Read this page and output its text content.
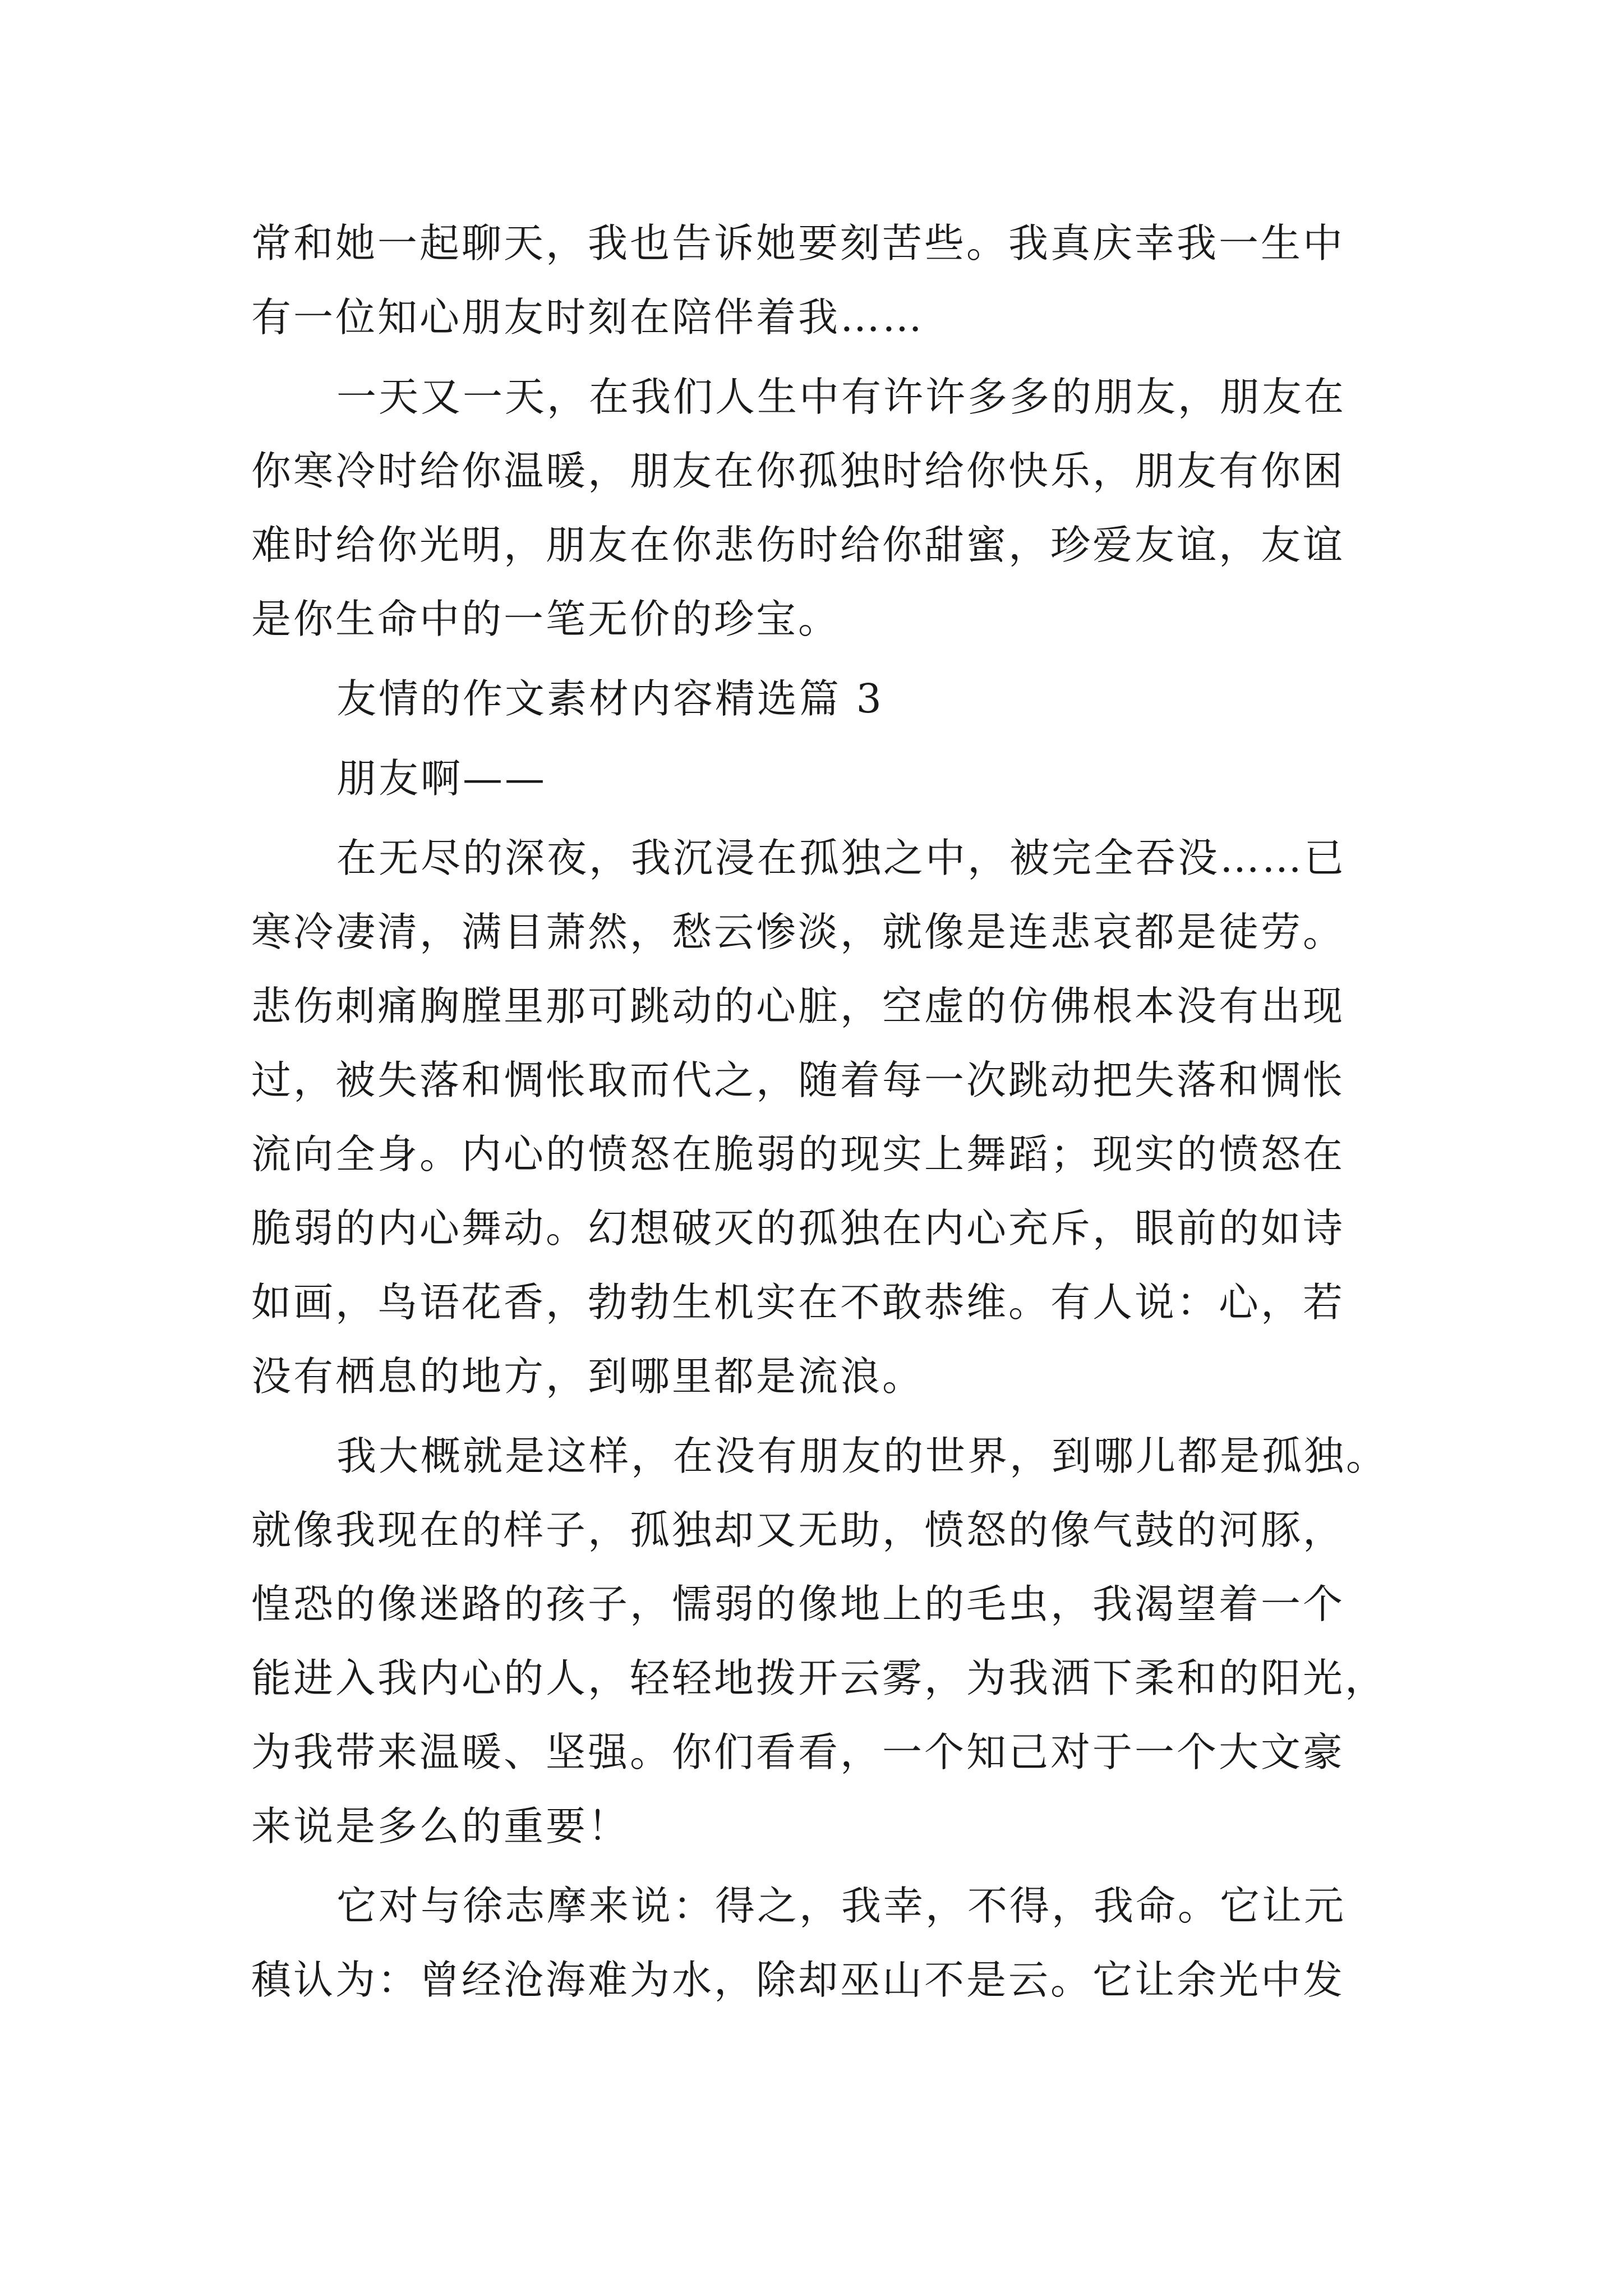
常和她一起聊天，我也告诉她要刻苦些。我真庆幸我一生中
有一位知心朋友时刻在陪伴着我……
一天又一天，在我们人生中有许许多多的朋友，朋友在
你寒冷时给你温暖，朋友在你孤独时给你快乐，朋友有你困
难时给你光明，朋友在你悲伤时给你甜蜜，珍爱友谊，友谊
是你生命中的一笔无价的珍宝。
友情的作文素材内容精选篇 3
朋友啊——
在无尽的深夜，我沉浸在孤独之中，被完全吞没……已
寒冷凄清，满目萧然，愁云惨淡，就像是连悲哀都是徒劳。
悲伤刺痛胸膛里那可跳动的心脏，空虚的仿佛根本没有出现
过，被失落和惆怅取而代之，随着每一次跳动把失落和惆怅
流向全身。内心的愤怒在脆弱的现实上舞蹈；现实的愤怒在
脆弱的内心舞动。幻想破灭的孤独在内心充斥，眼前的如诗
如画，鸟语花香，勃勃生机实在不敢恭维。有人说：心，若
没有栖息的地方，到哪里都是流浪。
我大概就是这样，在没有朋友的世界，到哪儿都是孤独。
就像我现在的样子，孤独却又无助，愤怒的像气鼓的河豚，
惶恐的像迷路的孩子，懦弱的像地上的毛虫，我渴望着一个
能进入我内心的人，轻轻地拨开云雾，为我洒下柔和的阳光，
为我带来温暖、坚强。你们看看，一个知己对于一个大文豪
来说是多么的重要！
它对与徐志摩来说：得之，我幸，不得，我命。它让元
稹认为：曾经沧海难为水，除却巫山不是云。它让余光中发
